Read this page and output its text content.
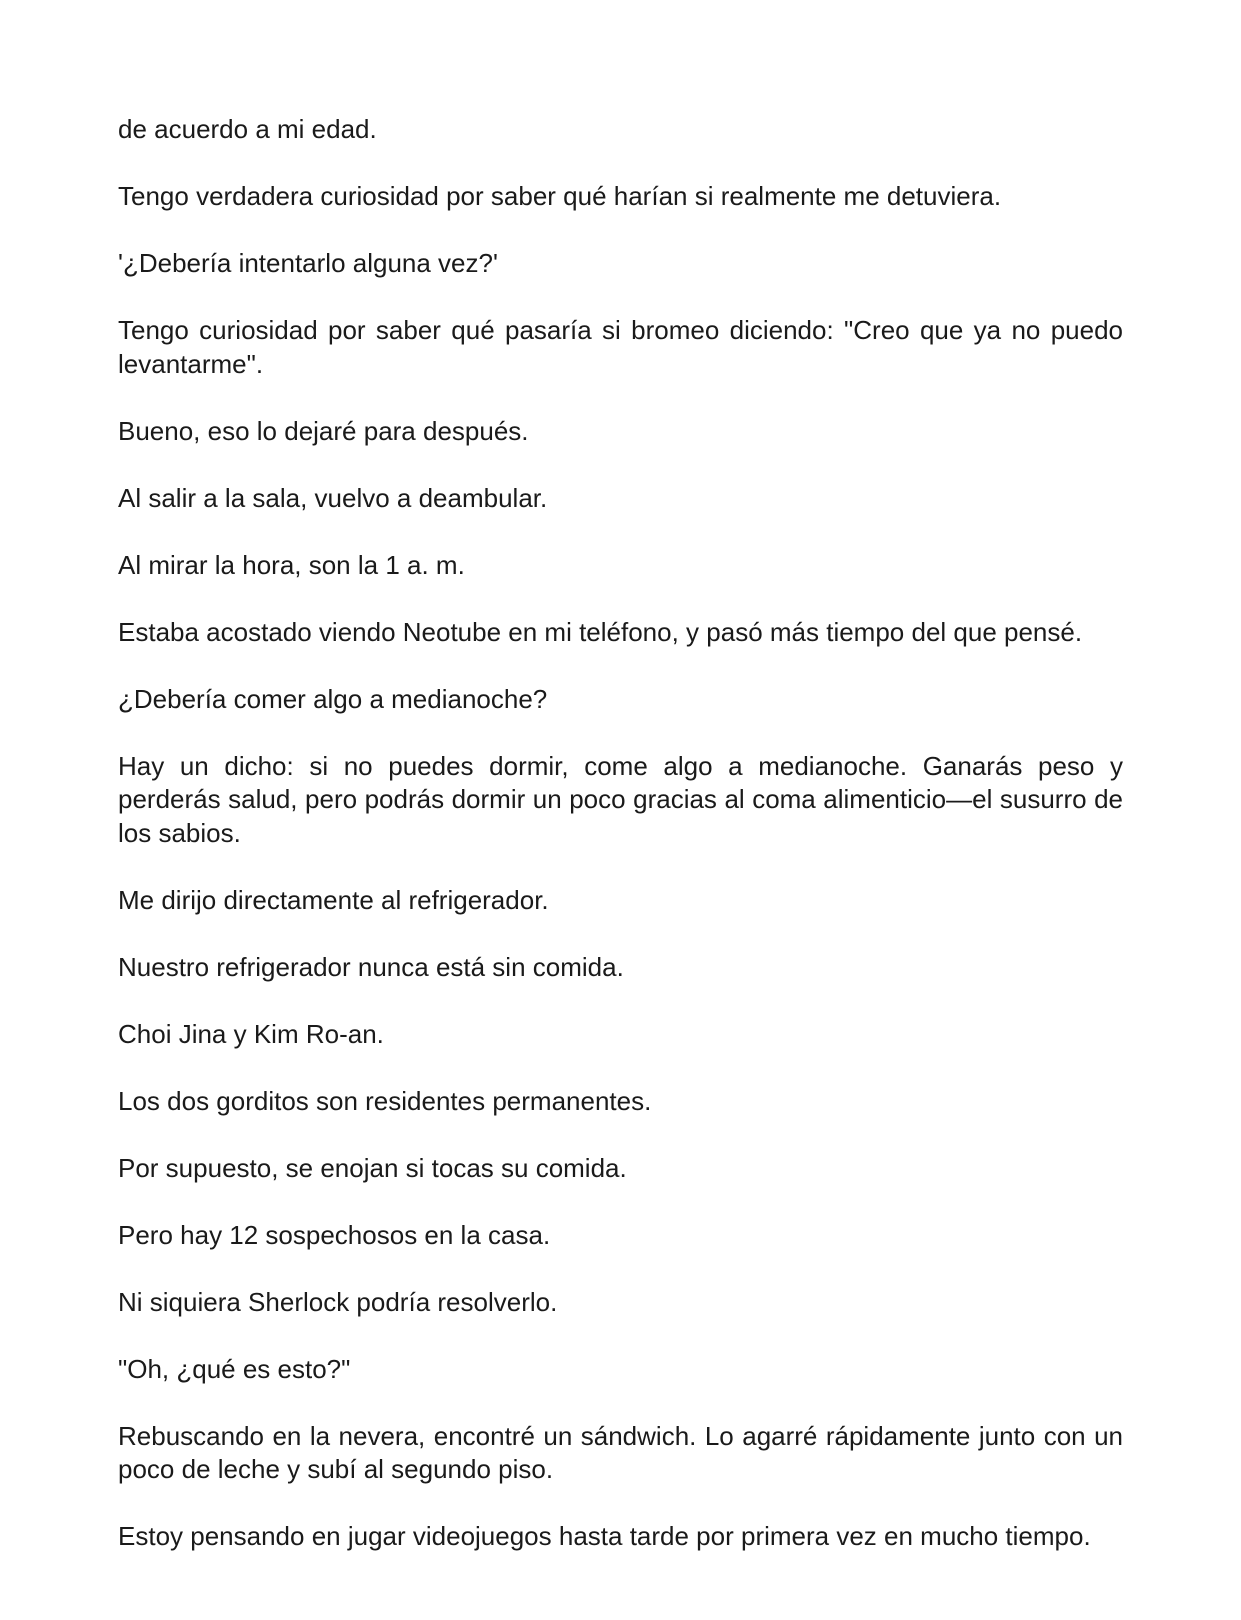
de acuerdo a mi edad.

Tengo verdadera curiosidad por saber qué harían si realmente me detuviera.

'¿Debería intentarlo alguna vez?'

Tengo curiosidad por saber qué pasaría si bromeo diciendo: "Creo que ya no puedo levantarme".

Bueno, eso lo dejaré para después.

Al salir a la sala, vuelvo a deambular.

Al mirar la hora, son la 1 a. m.

Estaba acostado viendo Neotube en mi teléfono, y pasó más tiempo del que pensé.

¿Debería comer algo a medianoche?

Hay un dicho: si no puedes dormir, come algo a medianoche. Ganarás peso y perderás salud, pero podrás dormir un poco gracias al coma alimenticio—el susurro de los sabios.

Me dirijo directamente al refrigerador.

Nuestro refrigerador nunca está sin comida.

Choi Jina y Kim Ro-an.

Los dos gorditos son residentes permanentes.

Por supuesto, se enojan si tocas su comida.

Pero hay 12 sospechosos en la casa.

Ni siquiera Sherlock podría resolverlo.

"Oh, ¿qué es esto?"

Rebuscando en la nevera, encontré un sándwich. Lo agarré rápidamente junto con un poco de leche y subí al segundo piso.

Estoy pensando en jugar videojuegos hasta tarde por primera vez en mucho tiempo.
